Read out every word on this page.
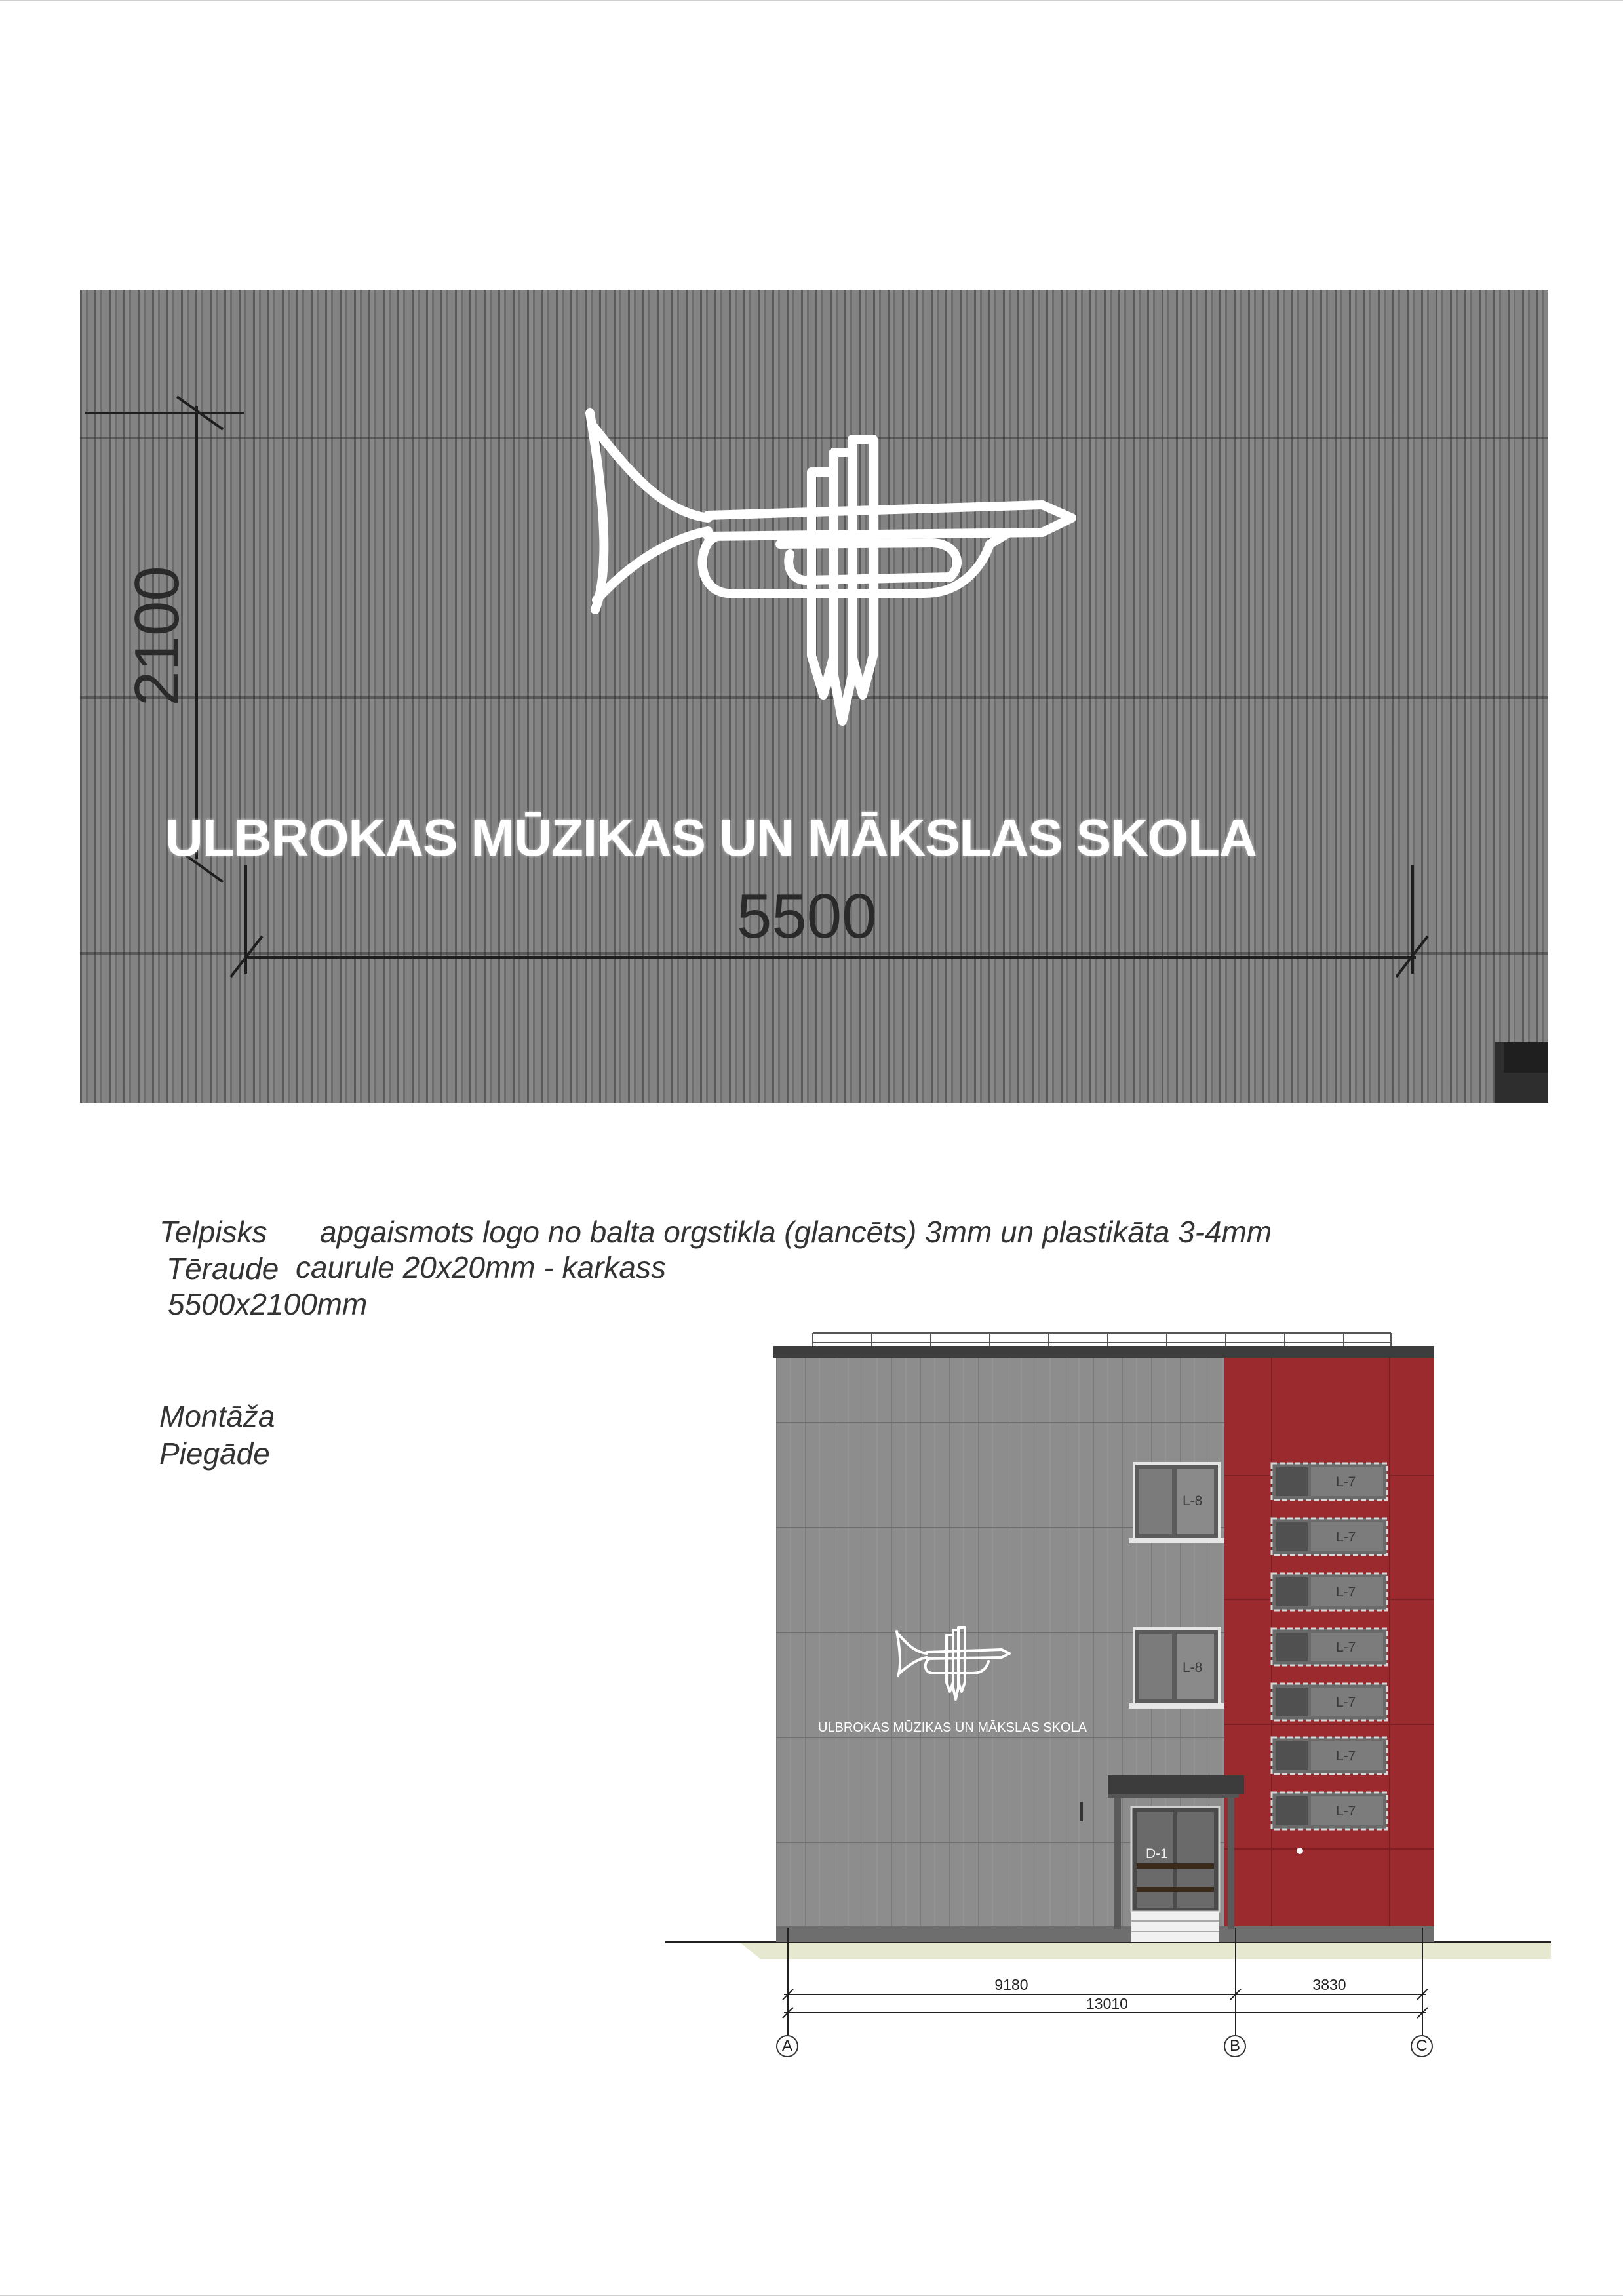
ULBROKAS MŪZIKAS UN MĀKSLAS SKOLA
2100
5500
Telpisks apgaismots logo no balta orgstikla (glancēts) 3mm un plastikāta 3-4mm
Tēraude caurule 20x20mm - karkass
5500x2100mm
Montāža
Piegāde
ULBROKAS MŪZIKAS UN MĀKSLAS SKOLA
L-8
L-8
L-7
L-7
L-7
L-7
L-7
L-7
L-7
D-1
9180	3830
13010
A	B	C
